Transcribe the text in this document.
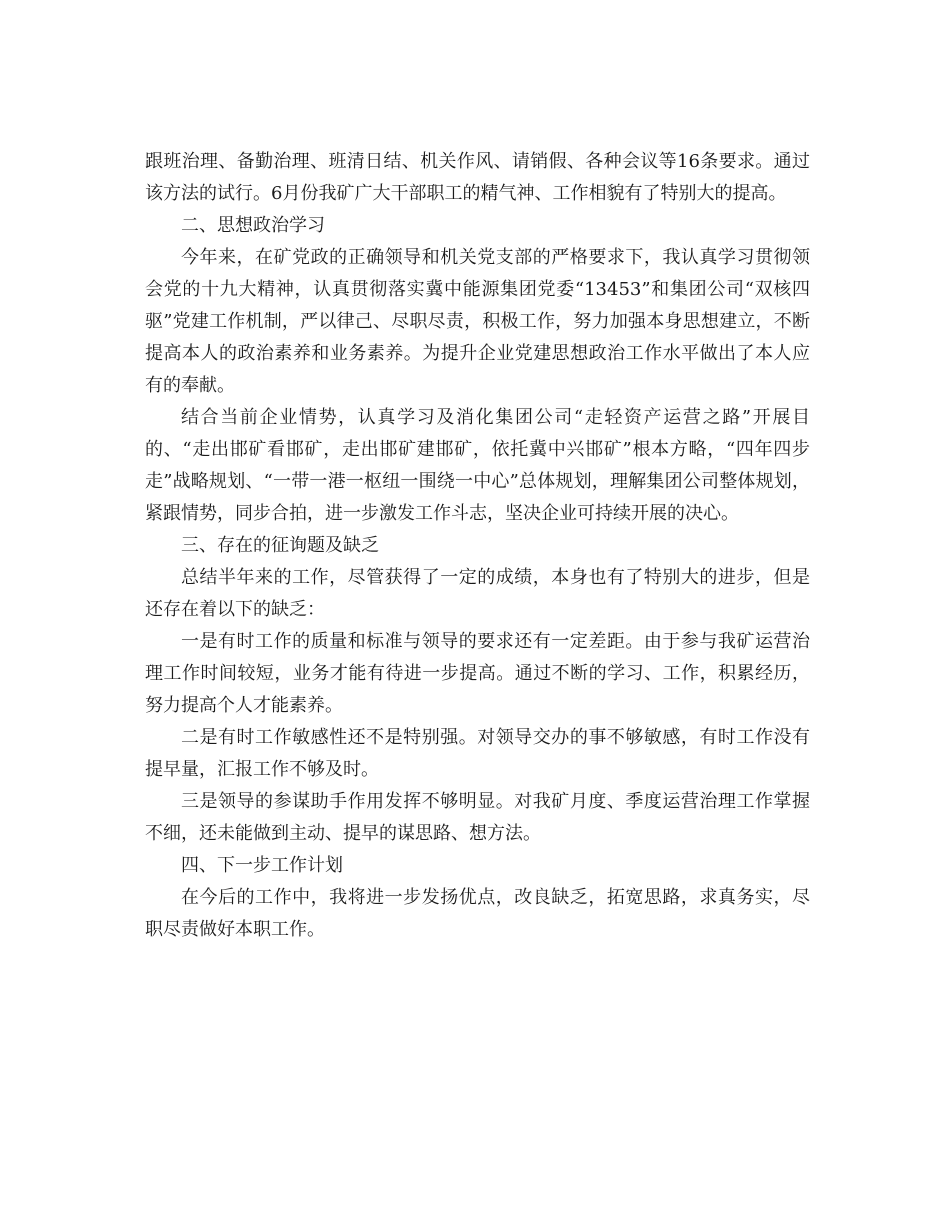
跟班治理、备勤治理、班清日结、机关作风、请销假、各种会议等16条要求。通过该方法的试行。6月份我矿广大干部职工的精气神、工作相貌有了特别大的提高。

二、思想政治学习

今年来，在矿党政的正确领导和机关党支部的严格要求下，我认真学习贯彻领会党的十九大精神，认真贯彻落实冀中能源集团党委“13453”和集团公司“双核四驱”党建工作机制，严以律己、尽职尽责，积极工作，努力加强本身思想建立，不断提高本人的政治素养和业务素养。为提升企业党建思想政治工作水平做出了本人应有的奉献。

结合当前企业情势，认真学习及消化集团公司“走轻资产运营之路”开展目的、“走出邯矿看邯矿，走出邯矿建邯矿，依托冀中兴邯矿”根本方略，“四年四步走”战略规划、“一带一港一枢纽一围绕一中心”总体规划，理解集团公司整体规划，紧跟情势，同步合拍，进一步激发工作斗志，坚决企业可持续开展的决心。

三、存在的征询题及缺乏

总结半年来的工作，尽管获得了一定的成绩，本身也有了特别大的进步，但是还存在着以下的缺乏：

一是有时工作的质量和标准与领导的要求还有一定差距。由于参与我矿运营治理工作时间较短，业务才能有待进一步提高。通过不断的学习、工作，积累经历，努力提高个人才能素养。

二是有时工作敏感性还不是特别强。对领导交办的事不够敏感，有时工作没有提早量，汇报工作不够及时。

三是领导的参谋助手作用发挥不够明显。对我矿月度、季度运营治理工作掌握不细，还未能做到主动、提早的谋思路、想方法。

四、下一步工作计划

在今后的工作中，我将进一步发扬优点，改良缺乏，拓宽思路，求真务实，尽职尽责做好本职工作。
